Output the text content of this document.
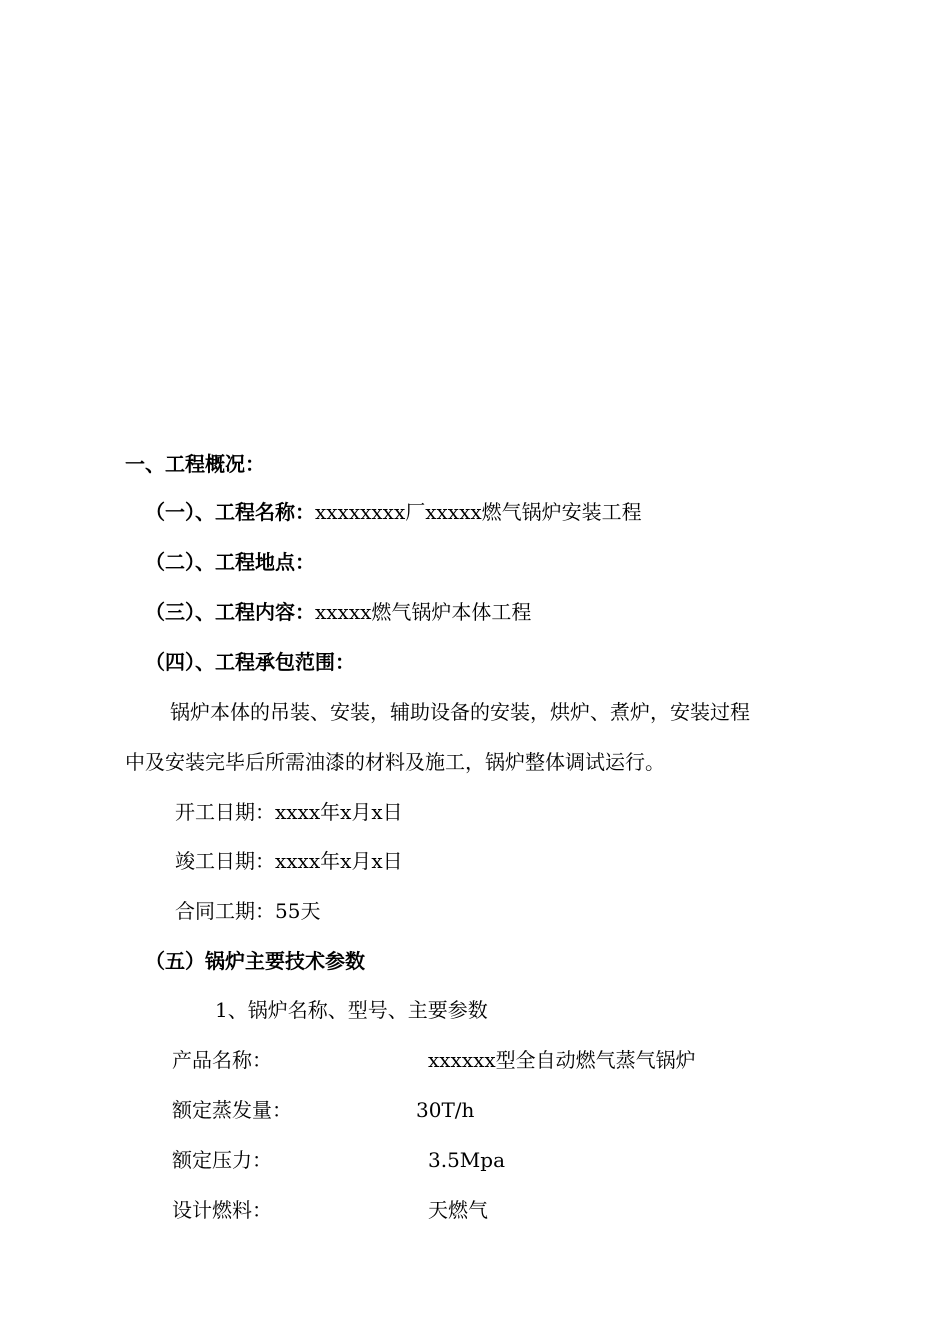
一、工程概况：
（一）、工程名称：xxxxxxxx厂xxxxx燃气锅炉安装工程
（二）、工程地点：
（三）、工程内容：xxxxx燃气锅炉本体工程
（四）、工程承包范围：
锅炉本体的吊装、安装，辅助设备的安装，烘炉、煮炉，安装过程
中及安装完毕后所需油漆的材料及施工，锅炉整体调试运行。
开工日期：xxxx年x月x日
竣工日期：xxxx年x月x日
合同工期：55天
（五）锅炉主要技术参数
1、锅炉名称、型号、主要参数
产品名称：	xxxxxx型全自动燃气蒸气锅炉
额定蒸发量：	30T/h
额定压力：	3.5Mpa
设计燃料：	天燃气
